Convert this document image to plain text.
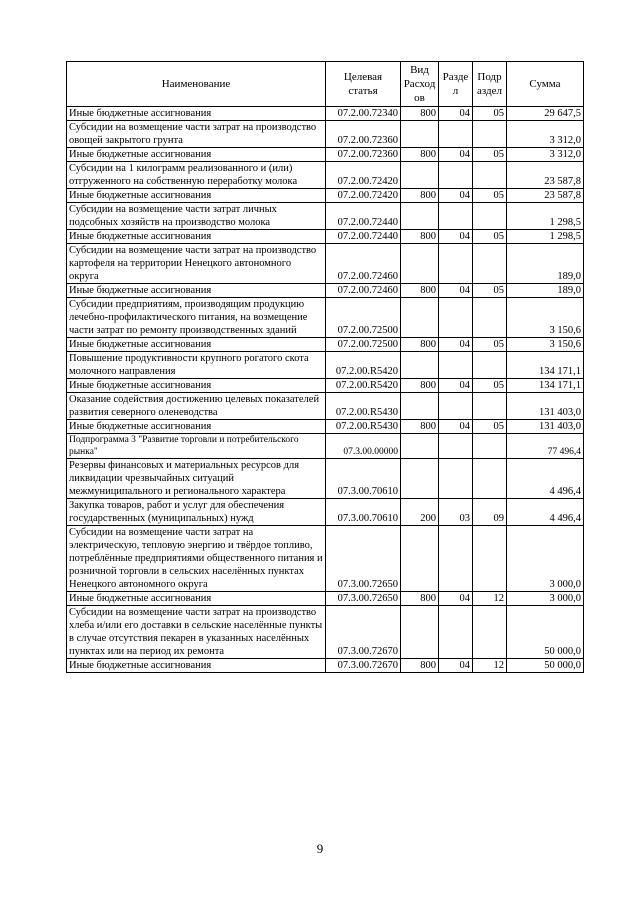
Наименование	Целевая статья	Вид Расход ов	Разде л	Подр аздел	Сумма
Иные бюджетные ассигнования	07.2.00.72340	800	04	05	29 647,5
Субсидии на возмещение части затрат на производство овощей закрытого грунта	07.2.00.72360				3 312,0
Иные бюджетные ассигнования	07.2.00.72360	800	04	05	3 312,0
Субсидии на 1 килограмм реализованного и (или) отгруженного на собственную переработку молока	07.2.00.72420				23 587,8
Иные бюджетные ассигнования	07.2.00.72420	800	04	05	23 587,8
Субсидии на возмещение части затрат личных подсобных хозяйств на производство молока	07.2.00.72440				1 298,5
Иные бюджетные ассигнования	07.2.00.72440	800	04	05	1 298,5
Субсидии на возмещение части затрат на производство картофеля на территории Ненецкого автономного округа	07.2.00.72460				189,0
Иные бюджетные ассигнования	07.2.00.72460	800	04	05	189,0
Субсидии предприятиям, производящим продукцию лечебно-профилактического питания, на возмещение части затрат по ремонту производственных зданий	07.2.00.72500				3 150,6
Иные бюджетные ассигнования	07.2.00.72500	800	04	05	3 150,6
Повышение продуктивности крупного рогатого скота молочного направления	07.2.00.R5420				134 171,1
Иные бюджетные ассигнования	07.2.00.R5420	800	04	05	134 171,1
Оказание содействия достижению целевых показателей развития северного оленеводства	07.2.00.R5430				131 403,0
Иные бюджетные ассигнования	07.2.00.R5430	800	04	05	131 403,0
Подпрограмма 3 "Развитие торговли и потребительского рынка"	07.3.00.00000				77 496,4
Резервы финансовых и материальных ресурсов для ликвидации чрезвычайных ситуаций межмуниципального и регионального характера	07.3.00.70610				4 496,4
Закупка товаров, работ и услуг для обеспечения государственных (муниципальных) нужд	07.3.00.70610	200	03	09	4 496,4
Субсидии на возмещение части затрат на электрическую, тепловую энергию и твёрдое топливо, потреблённые предприятиями общественного питания и розничной торговли в сельских населённых пунктах Ненецкого автономного округа	07.3.00.72650				3 000,0
Иные бюджетные ассигнования	07.3.00.72650	800	04	12	3 000,0
Субсидии на возмещение части затрат на производство хлеба и/или его доставки в сельские населённые пункты в случае отсутствия пекарен в указанных населённых пунктах или на период их ремонта	07.3.00.72670				50 000,0
Иные бюджетные ассигнования	07.3.00.72670	800	04	12	50 000,0
9
